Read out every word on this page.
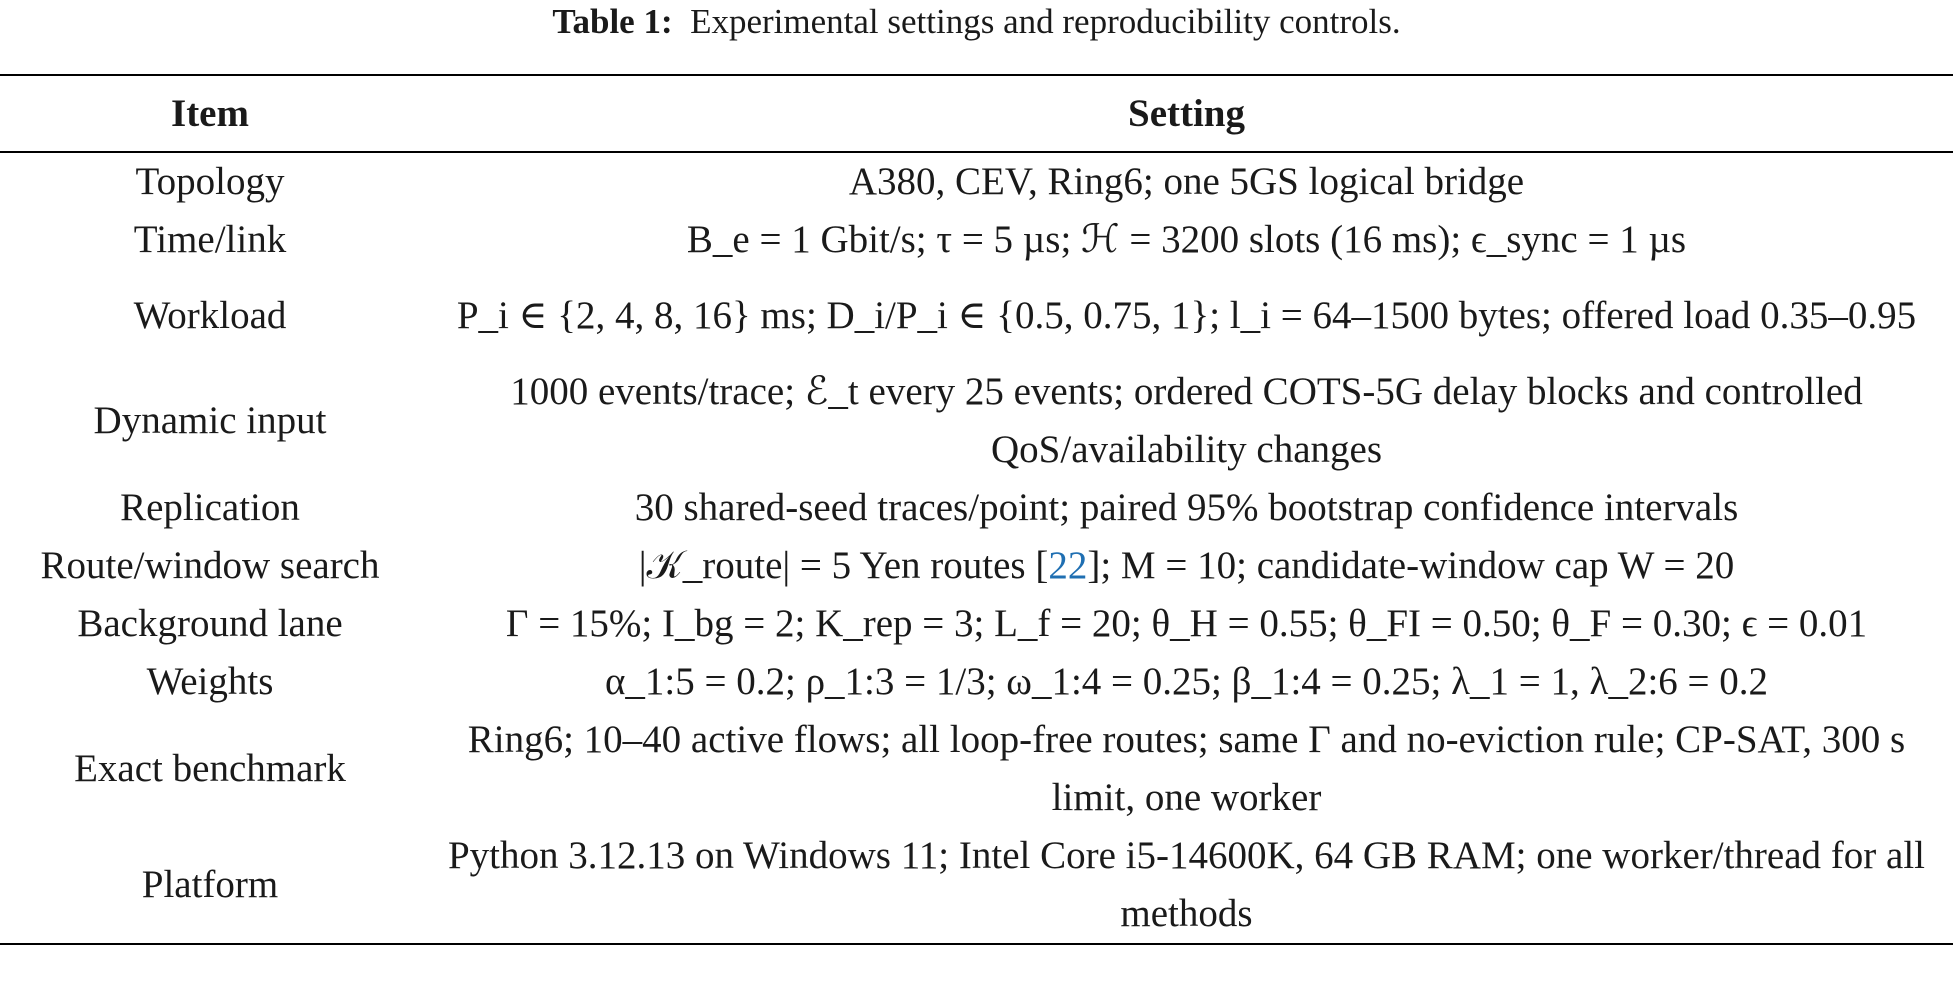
Table 1: Experimental settings and reproducibility controls.
Item	Setting
Topology	A380, CEV, Ring6; one 5GS logical bridge
Time/link	B_e = 1 Gbit/s; τ = 5 µs; ℋ = 3200 slots (16 ms); ϵ_sync = 1 µs
Workload	P_i ∈ {2, 4, 8, 16} ms; D_i/P_i ∈ {0.5, 0.75, 1}; l_i = 64–1500 bytes; offered load 0.35–0.95
Dynamic input	1000 events/trace; ℰ_t every 25 events; ordered COTS-5G delay blocks and controlled QoS/availability changes
Replication	30 shared-seed traces/point; paired 95% bootstrap confidence intervals
Route/window search	|𝒦_route| = 5 Yen routes [22]; M = 10; candidate-window cap W = 20
Background lane	Γ = 15%; I_bg = 2; K_rep = 3; L_f = 20; θ_H = 0.55; θ_FI = 0.50; θ_F = 0.30; ϵ = 0.01
Weights	α_1:5 = 0.2; ρ_1:3 = 1/3; ω_1:4 = 0.25; β_1:4 = 0.25; λ_1 = 1, λ_2:6 = 0.2
Exact benchmark	Ring6; 10–40 active flows; all loop-free routes; same Γ and no-eviction rule; CP-SAT, 300 s limit, one worker
Platform	Python 3.12.13 on Windows 11; Intel Core i5-14600K, 64 GB RAM; one worker/thread for all methods
